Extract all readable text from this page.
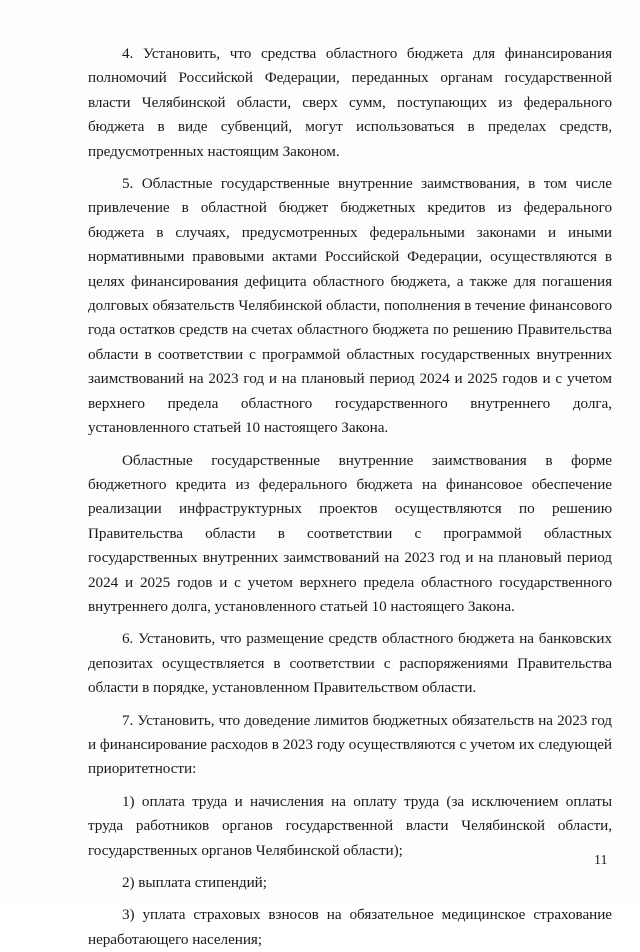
4. Установить, что средства областного бюджета для финансирования полномочий Российской Федерации, переданных органам государственной власти Челябинской области, сверх сумм, поступающих из федерального бюджета в виде субвенций, могут использоваться в пределах средств, предусмотренных настоящим Законом.

5. Областные государственные внутренние заимствования, в том числе привлечение в областной бюджет бюджетных кредитов из федерального бюджета в случаях, предусмотренных федеральными законами и иными нормативными правовыми актами Российской Федерации, осуществляются в целях финансирования дефицита областного бюджета, а также для погашения долговых обязательств Челябинской области, пополнения в течение финансового года остатков средств на счетах областного бюджета по решению Правительства области в соответствии с программой областных государственных внутренних заимствований на 2023 год и на плановый период 2024 и 2025 годов и с учетом верхнего предела областного государственного внутреннего долга, установленного статьей 10 настоящего Закона.

Областные государственные внутренние заимствования в форме бюджетного кредита из федерального бюджета на финансовое обеспечение реализации инфраструктурных проектов осуществляются по решению Правительства области в соответствии с программой областных государственных внутренних заимствований на 2023 год и на плановый период 2024 и 2025 годов и с учетом верхнего предела областного государственного внутреннего долга, установленного статьей 10 настоящего Закона.

6. Установить, что размещение средств областного бюджета на банковских депозитах осуществляется в соответствии с распоряжениями Правительства области в порядке, установленном Правительством области.

7. Установить, что доведение лимитов бюджетных обязательств на 2023 год и финансирование расходов в 2023 году осуществляются с учетом их следующей приоритетности:

1) оплата труда и начисления на оплату труда (за исключением оплаты труда работников органов государственной власти Челябинской области, государственных органов Челябинской области);

2) выплата стипендий;

3) уплата страховых взносов на обязательное медицинское страхование неработающего населения;

11
